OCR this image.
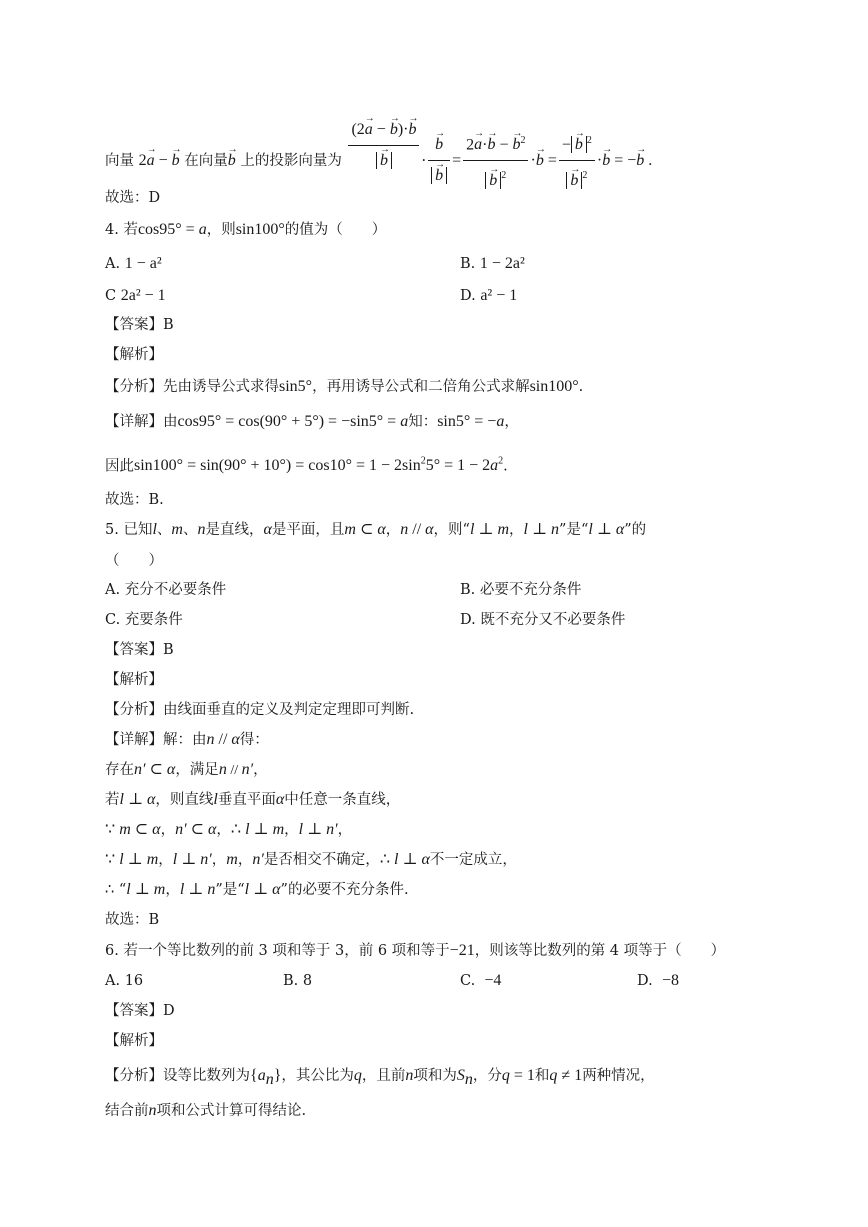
向量 2→ a − → b 在向量→ b 上的投影向量为 (2→ a − → b)·→ b
→ b · → b
→ b = 2→ a·→ b − → $b^2$
→ b $^2$ ·→ b = − → b $^2$
→ b $^2$ ·→ b = −→ b .
故选：D
4. 若cos95° = a，则sin100°的值为（　　）
A. 1 − a²	B. 1 − 2a²
C 2a² − 1	D. a² − 1
【答案】B
【解析】
【分析】先由诱导公式求得sin5°，再用诱导公式和二倍角公式求解sin100°.
【详解】由cos95° = cos(90° + 5°) = −sin5° = a知：sin5° = −a，
因此$\sin 100^\circ = \sin(90^\circ + 10^\circ) = \cos 10^\circ = 1 - 2\sin^25^\circ = 1 - 2a^2$.
故选：B.
5. 已知l、m、n是直线，α是平面，且m ⊂ α，n // α，则“l ⊥ m，l ⊥ n”是“l ⊥ α”的
（　　）
A. 充分不必要条件	B. 必要不充分条件
C. 充要条件	D. 既不充分又不必要条件
【答案】B
【解析】
【分析】由线面垂直的定义及判定定理即可判断.
【详解】解：由n // α得：
存在n′ ⊂ α，满足n // n′，
若l ⊥ α，则直线l垂直平面α中任意一条直线，
∵ m ⊂ α，n′ ⊂ α，∴ l ⊥ m，l ⊥ n′，
∵ l ⊥ m，l ⊥ n′，m，n′是否相交不确定，∴ l ⊥ α不一定成立，
∴ “l ⊥ m，l ⊥ n”是“l ⊥ α”的必要不充分条件.
故选：B
6. 若一个等比数列的前 3 项和等于 3，前 6 项和等于−21，则该等比数列的第 4 项等于（　　）
A. 16	B. 8	C. −4	D. −8
【答案】D
【解析】
【分析】设等比数列为$\{a_n\}$，其公比为q，且前n项和为$S_n$，分q = 1和q ≠ 1两种情况，
结合前n项和公式计算可得结论.
